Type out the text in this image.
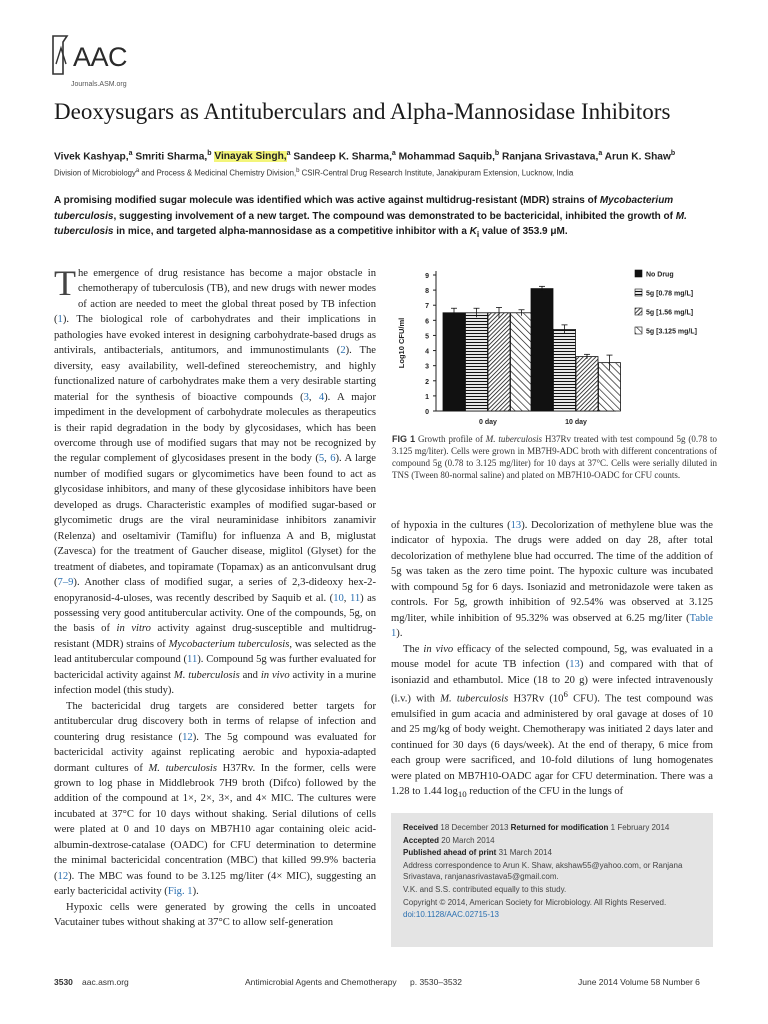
AAC
Journals.ASM.org
Deoxysugars as Antituberculars and Alpha-Mannosidase Inhibitors
Vivek Kashyap,$^a$ Smriti Sharma,$^b$ Vinayak Singh,$^a$ Sandeep K. Sharma,$^a$ Mohammad Saquib,$^b$ Ranjana Srivastava,$^a$ Arun K. Shaw$^b$
Division of Microbiology$^a$ and Process & Medicinal Chemistry Division,$^b$ CSIR-Central Drug Research Institute, Janakipuram Extension, Lucknow, India
A promising modified sugar molecule was identified which was active against multidrug-resistant (MDR) strains of Mycobacterium tuberculosis, suggesting involvement of a new target. The compound was demonstrated to be bactericidal, inhibited the growth of M. tuberculosis in mice, and targeted alpha-mannosidase as a competitive inhibitor with a $K_i$ value of 353.9 μM.

The emergence of drug resistance has become a major obstacle in chemotherapy of tuberculosis (TB), and new drugs with newer modes of action are needed to meet the global threat posed by TB infection (1). The biological role of carbohydrates and their implications in pathologies have evoked interest in designing carbohydrate-based drugs as antivirals, antibacterials, antitumors, and immunostimulants (2). The diversity, easy availability, well-defined stereochemistry, and highly functionalized nature of carbohydrates make them a very desirable starting material for the synthesis of bioactive compounds (3, 4). A major impediment in the development of carbohydrate molecules as therapeutics is their rapid degradation in the body by glycosidases, which has been overcome through use of modified sugars that may not be recognized by the regular complement of glycosidases present in the body (5, 6). A large number of modified sugars or glycomimetics have been found to act as glycosidase inhibitors, and many of these glycosidase inhibitors have been developed as drugs. Characteristic examples of modified sugar-based or glycomimetic drugs are the viral neuraminidase inhibitors zanamivir (Relenza) and oseltamivir (Tamiflu) for influenza A and B, miglustat (Zavesca) for the treatment of Gaucher disease, miglitol (Glyset) for the treatment of diabetes, and topiramate (Topamax) as an anticonvulsant drug (7–9). Another class of modified sugar, a series of 2,3-dideoxy hex-2-enopyranosid-4-uloses, was recently described by Saquib et al. (10, 11) as possessing very good antitubercular activity. One of the compounds, 5g, on the basis of in vitro activity against drug-susceptible and multidrug-resistant (MDR) strains of Mycobacterium tuberculosis, was selected as the lead antitubercular compound (11). Compound 5g was further evaluated for bactericidal activity against M. tuberculosis and in vivo activity in a murine infection model (this study).

The bactericidal drug targets are considered better targets for antitubercular drug discovery both in terms of relapse of infection and countering drug resistance (12). The 5g compound was evaluated for bactericidal activity against replicating aerobic and hypoxia-adapted dormant cultures of M. tuberculosis H37Rv. In the former, cells were grown to log phase in Middlebrook 7H9 broth (Difco) followed by the addition of the compound at 1×, 2×, 3×, and 4× MIC. The cultures were incubated at 37°C for 10 days without shaking. Serial dilutions of cells were plated at 0 and 10 days on MB7H10 agar containing oleic acid-albumin-dextrose-catalase (OADC) for CFU determination to determine the minimal bactericidal concentration (MBC) that killed 99.9% bacteria (12). The MBC was found to be 3.125 mg/liter (4× MIC), suggesting an early bactericidal activity (Fig. 1).

Hypoxic cells were generated by growing the cells in uncoated Vacutainer tubes without shaking at 37°C to allow self-generation

0
1
2
3
4
5
6
7
8
9
Log10 CFU/ml
0 day	10 day
No Drug
5g [0.78 mg/L]
5g [1.56 mg/L]
5g [3.125 mg/L]
FIG 1 Growth profile of M. tuberculosis H37Rv treated with test compound 5g (0.78 to 3.125 mg/liter). Cells were grown in MB7H9-ADC broth with different concentrations of compound 5g (0.78 to 3.125 mg/liter) for 10 days at 37°C. Cells were serially diluted in TNS (Tween 80-normal saline) and plated on MB7H10-OADC for CFU counts.

of hypoxia in the cultures (13). Decolorization of methylene blue was the indicator of hypoxia. The drugs were added on day 28, after total decolorization of methylene blue had occurred. The time of the addition of 5g was taken as the zero time point. The hypoxic culture was incubated with compound 5g for 6 days. Isoniazid and metronidazole were taken as controls. For 5g, growth inhibition of 92.54% was observed at 3.125 mg/liter, while inhibition of 95.32% was observed at 6.25 mg/liter (Table 1).

The in vivo efficacy of the selected compound, 5g, was evaluated in a mouse model for acute TB infection (13) and compared with that of isoniazid and ethambutol. Mice (18 to 20 g) were infected intravenously (i.v.) with M. tuberculosis H37Rv ($10^6$ CFU). The test compound was emulsified in gum acacia and administered by oral gavage at doses of 10 and 25 mg/kg of body weight. Chemotherapy was initiated 2 days later and continued for 30 days (6 days/week). At the end of therapy, 6 mice from each group were sacrificed, and 10-fold dilutions of lung homogenates were plated on MB7H10-OADC agar for CFU determination. There was a 1.28 to 1.44 $\log_{10}$ reduction of the CFU in the lungs of

Received 18 December 2013 Returned for modification 1 February 2014

Accepted 20 March 2014

Published ahead of print 31 March 2014

Address correspondence to Arun K. Shaw, akshaw55@yahoo.com, or Ranjana Srivastava, ranjanasrivastava5@gmail.com.

V.K. and S.S. contributed equally to this study.

Copyright © 2014, American Society for Microbiology. All Rights Reserved.

doi:10.1128/AAC.02715-13

3530 aac.asm.org	Antimicrobial Agents and Chemotherapy p. 3530–3532	June 2014 Volume 58 Number 6
